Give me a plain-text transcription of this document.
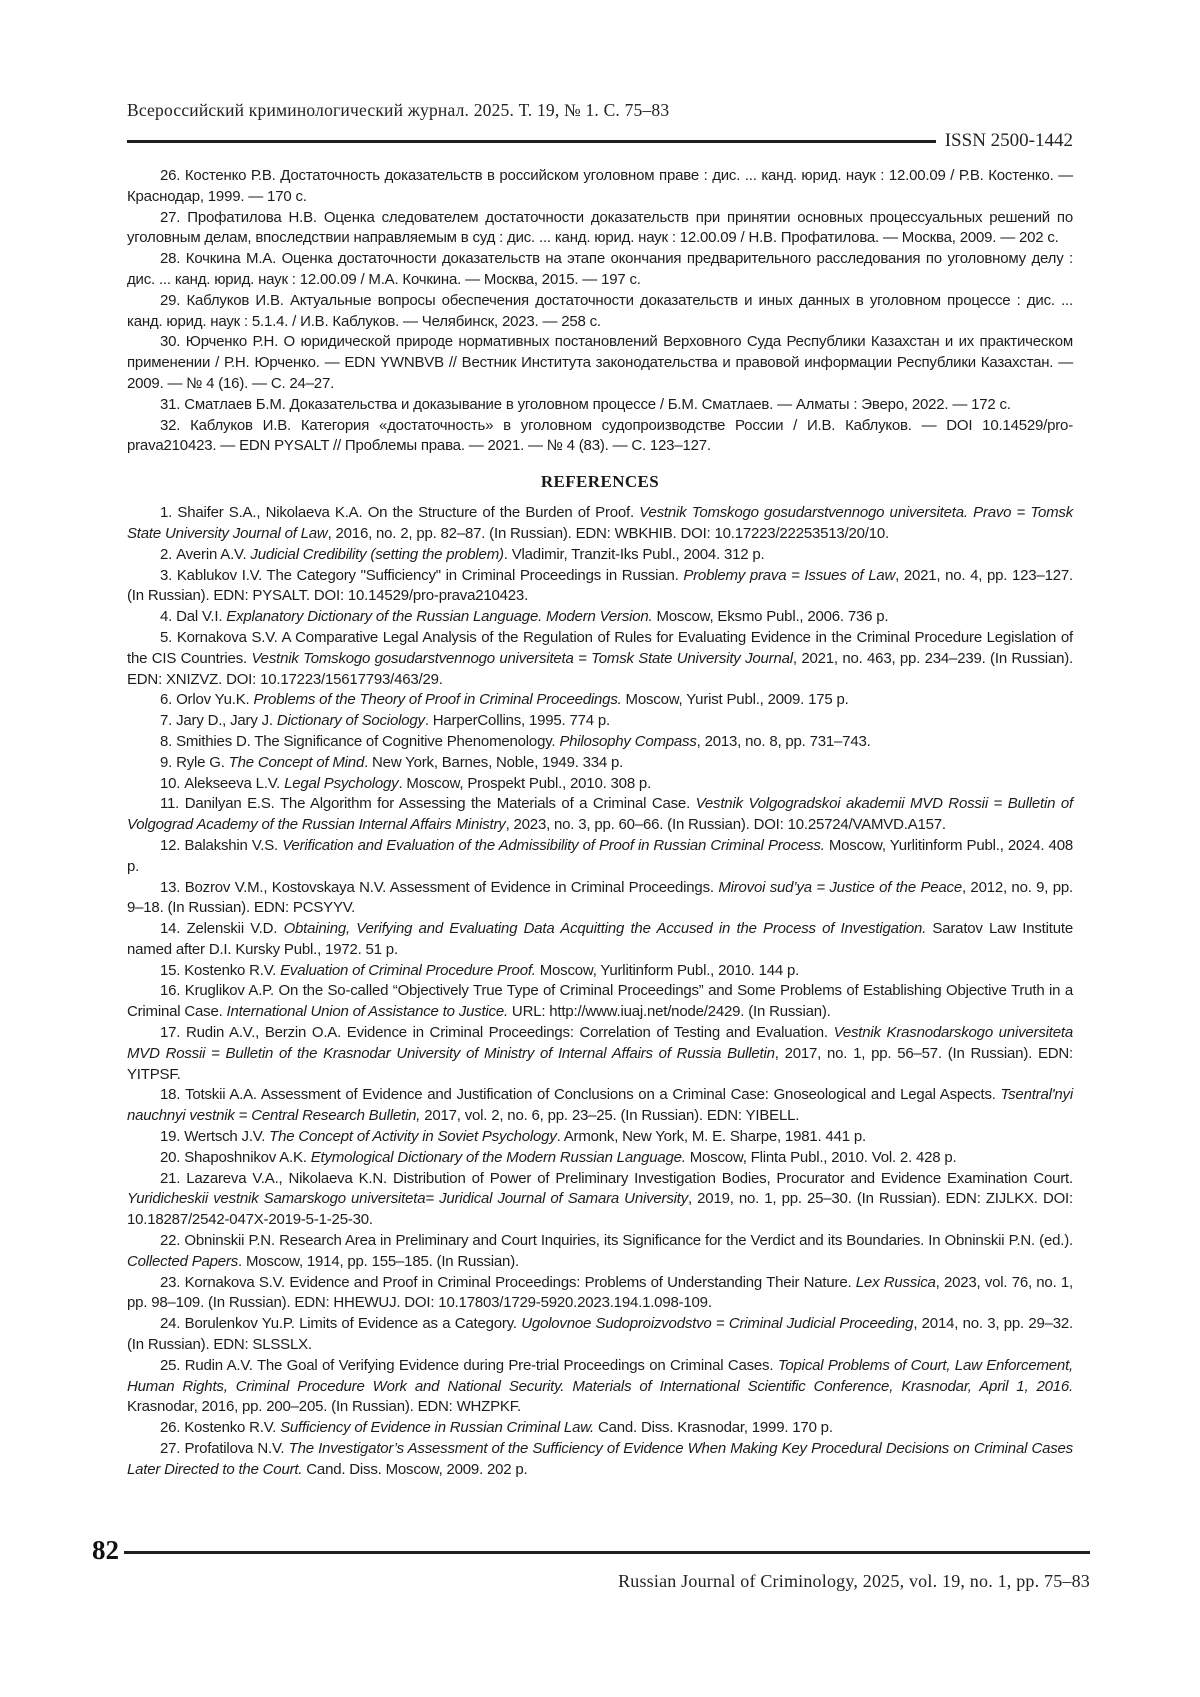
Всероссийский криминологический журнал. 2025. Т. 19, № 1. С. 75–83
ISSN 2500-1442

26. Костенко Р.В. Достаточность доказательств в российском уголовном праве : дис. ... канд. юрид. наук : 12.00.09 / Р.В. Костенко. — Краснодар, 1999. — 170 с.

27. Профатилова Н.В. Оценка следователем достаточности доказательств при принятии основных процессуальных решений по уголовным делам, впоследствии направляемым в суд : дис. ... канд. юрид. наук : 12.00.09 / Н.В. Профатилова. — Москва, 2009. — 202 с.

28. Кочкина М.А. Оценка достаточности доказательств на этапе окончания предварительного расследования по уголовному делу : дис. ... канд. юрид. наук : 12.00.09 / М.А. Кочкина. — Москва, 2015. — 197 с.

29. Каблуков И.В. Актуальные вопросы обеспечения достаточности доказательств и иных данных в уголовном процессе : дис. ... канд. юрид. наук : 5.1.4. / И.В. Каблуков. — Челябинск, 2023. — 258 с.

30. Юрченко Р.Н. О юридической природе нормативных постановлений Верховного Суда Республики Казахстан и их практическом применении / Р.Н. Юрченко. — EDN YWNBVB // Вестник Института законодательства и правовой информации Республики Казахстан. — 2009. — № 4 (16). — С. 24–27.

31. Сматлаев Б.М. Доказательства и доказывание в уголовном процессе / Б.М. Сматлаев. — Алматы : Эверо, 2022. — 172 с.

32. Каблуков И.В. Категория «достаточность» в уголовном судопроизводстве России / И.В. Каблуков. — DOI 10.14529/pro-prava210423. — EDN PYSALT // Проблемы права. — 2021. — № 4 (83). — С. 123–127.

REFERENCES

1. Shaifer S.A., Nikolaeva K.A. On the Structure of the Burden of Proof. Vestnik Tomskogo gosudarstvennogo universiteta. Pravo = Tomsk State University Journal of Law, 2016, no. 2, pp. 82–87. (In Russian). EDN: WBKHIB. DOI: 10.17223/22253513/20/10.

2. Averin A.V. Judicial Credibility (setting the problem). Vladimir, Tranzit-Iks Publ., 2004. 312 p.

3. Kablukov I.V. The Category "Sufficiency" in Criminal Proceedings in Russian. Problemy prava = Issues of Law, 2021, no. 4, pp. 123–127. (In Russian). EDN: PYSALT. DOI: 10.14529/pro-prava210423.

4. Dal V.I. Explanatory Dictionary of the Russian Language. Modern Version. Moscow, Eksmo Publ., 2006. 736 p.

5. Kornakova S.V. A Comparative Legal Analysis of the Regulation of Rules for Evaluating Evidence in the Criminal Procedure Legislation of the CIS Countries. Vestnik Tomskogo gosudarstvennogo universiteta = Tomsk State University Journal, 2021, no. 463, pp. 234–239. (In Russian). EDN: XNIZVZ. DOI: 10.17223/15617793/463/29.

6. Orlov Yu.K. Problems of the Theory of Proof in Criminal Proceedings. Moscow, Yurist Publ., 2009. 175 p.

7. Jary D., Jary J. Dictionary of Sociology. HarperCollins, 1995. 774 p.

8. Smithies D. The Significance of Cognitive Phenomenology. Philosophy Compass, 2013, no. 8, pp. 731–743.

9. Ryle G. The Concept of Mind. New York, Barnes, Noble, 1949. 334 p.

10. Alekseeva L.V. Legal Psychology. Moscow, Prospekt Publ., 2010. 308 p.

11. Danilyan E.S. The Algorithm for Assessing the Materials of a Criminal Case. Vestnik Volgogradskoi akademii MVD Rossii = Bulletin of Volgograd Academy of the Russian Internal Affairs Ministry, 2023, no. 3, pp. 60–66. (In Russian). DOI: 10.25724/VAMVD.A157.

12. Balakshin V.S. Verification and Evaluation of the Admissibility of Proof in Russian Criminal Process. Moscow, Yurlitinform Publ., 2024. 408 p.

13. Bozrov V.M., Kostovskaya N.V. Assessment of Evidence in Criminal Proceedings. Mirovoi sud’ya = Justice of the Peace, 2012, no. 9, pp. 9–18. (In Russian). EDN: PCSYYV.

14. Zelenskii V.D. Obtaining, Verifying and Evaluating Data Acquitting the Accused in the Process of Investigation. Saratov Law Institute named after D.I. Kursky Publ., 1972. 51 p.

15. Kostenko R.V. Evaluation of Criminal Procedure Proof. Moscow, Yurlitinform Publ., 2010. 144 p.

16. Kruglikov A.P. On the So-called “Objectively True Type of Criminal Proceedings” and Some Problems of Establishing Objective Truth in a Criminal Case. International Union of Assistance to Justice. URL: http://www.iuaj.net/node/2429. (In Russian).

17. Rudin A.V., Berzin O.A. Evidence in Criminal Proceedings: Correlation of Testing and Evaluation. Vestnik Krasnodarskogo universiteta MVD Rossii = Bulletin of the Krasnodar University of Ministry of Internal Affairs of Russia Bulletin, 2017, no. 1, pp. 56–57. (In Russian). EDN: YITPSF.

18. Totskii A.A. Assessment of Evidence and Justification of Conclusions on a Criminal Case: Gnoseological and Legal Aspects. Tsentral'nyi nauchnyi vestnik = Central Research Bulletin, 2017, vol. 2, no. 6, pp. 23–25. (In Russian). EDN: YIBELL.

19. Wertsch J.V. The Concept of Activity in Soviet Psychology. Armonk, New York, M. E. Sharpe, 1981. 441 p.

20. Shaposhnikov A.K. Etymological Dictionary of the Modern Russian Language. Moscow, Flinta Publ., 2010. Vol. 2. 428 p.

21. Lazareva V.A., Nikolaeva K.N. Distribution of Power of Preliminary Investigation Bodies, Procurator and Evidence Examination Court. Yuridicheskii vestnik Samarskogo universiteta= Juridical Journal of Samara University, 2019, no. 1, pp. 25–30. (In Russian). EDN: ZIJLKX. DOI: 10.18287/2542-047X-2019-5-1-25-30.

22. Obninskii P.N. Research Area in Preliminary and Court Inquiries, its Significance for the Verdict and its Boundaries. In Obninskii P.N. (ed.). Collected Papers. Moscow, 1914, pp. 155–185. (In Russian).

23. Kornakova S.V. Evidence and Proof in Criminal Proceedings: Problems of Understanding Their Nature. Lex Russica, 2023, vol. 76, no. 1, pp. 98–109. (In Russian). EDN: HHEWUJ. DOI: 10.17803/1729-5920.2023.194.1.098-109.

24. Borulenkov Yu.P. Limits of Evidence as a Category. Ugolovnoe Sudoproizvodstvo = Criminal Judicial Proceeding, 2014, no. 3, pp. 29–32. (In Russian). EDN: SLSSLX.

25. Rudin A.V. The Goal of Verifying Evidence during Pre-trial Proceedings on Criminal Cases. Topical Problems of Court, Law Enforcement, Human Rights, Criminal Procedure Work and National Security. Materials of International Scientific Conference, Krasnodar, April 1, 2016. Krasnodar, 2016, pp. 200–205. (In Russian). EDN: WHZPKF.

26. Kostenko R.V. Sufficiency of Evidence in Russian Criminal Law. Cand. Diss. Krasnodar, 1999. 170 p.

27. Profatilova N.V. The Investigator’s Assessment of the Sufficiency of Evidence When Making Key Procedural Decisions on Criminal Cases Later Directed to the Court. Cand. Diss. Moscow, 2009. 202 p.

82
Russian Journal of Criminology, 2025, vol. 19, no. 1, pp. 75–83
